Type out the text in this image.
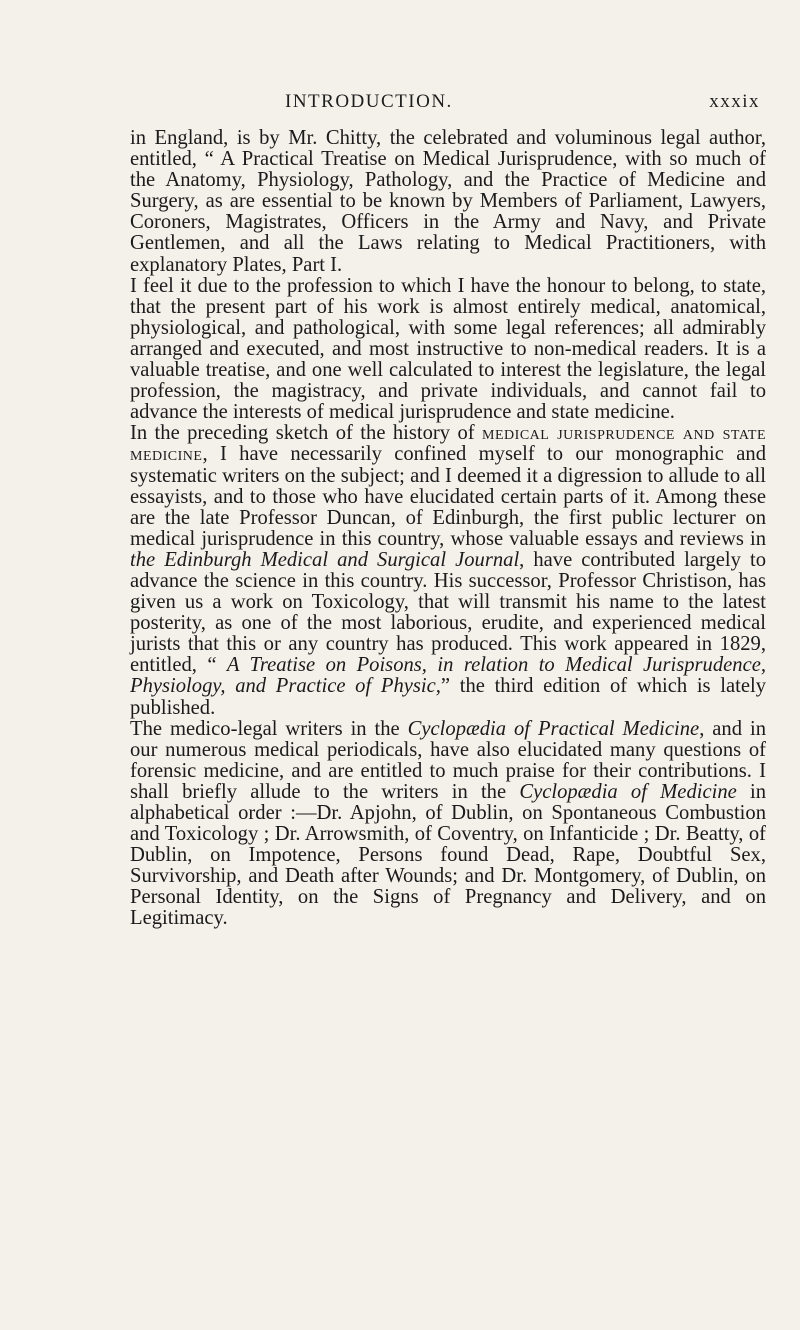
INTRODUCTION.	xxxix

in England, is by Mr. Chitty, the celebrated and voluminous legal author, entitled, “ A Practical Treatise on Medical Jurisprudence, with so much of the Anatomy, Physiology, Pathology, and the Practice of Medicine and Surgery, as are essential to be known by Members of Parliament, Lawyers, Coroners, Magistrates, Officers in the Army and Navy, and Private Gentlemen, and all the Laws relating to Medical Practitioners, with explanatory Plates, Part I.

I feel it due to the profession to which I have the honour to belong, to state, that the present part of his work is almost entirely medical, anatomical, physiological, and pathological, with some legal references; all admirably arranged and executed, and most instructive to non-medical readers. It is a valuable treatise, and one well calculated to interest the legislature, the legal profession, the magistracy, and private individuals, and cannot fail to advance the interests of medical jurisprudence and state medicine.

In the preceding sketch of the history of medical jurisprudence and state medicine, I have necessarily confined myself to our monographic and systematic writers on the subject; and I deemed it a digression to allude to all essayists, and to those who have elucidated certain parts of it. Among these are the late Professor Duncan, of Edinburgh, the first public lecturer on medical jurisprudence in this country, whose valuable essays and reviews in the Edinburgh Medical and Surgical Journal, have contributed largely to advance the science in this country. His successor, Professor Christison, has given us a work on Toxicology, that will transmit his name to the latest posterity, as one of the most laborious, erudite, and experienced medical jurists that this or any country has produced. This work appeared in 1829, entitled, “ A Treatise on Poisons, in relation to Medical Jurisprudence, Physiology, and Practice of Physic,” the third edition of which is lately published.

The medico-legal writers in the Cyclopædia of Practical Medicine, and in our numerous medical periodicals, have also elucidated many questions of forensic medicine, and are entitled to much praise for their contributions. I shall briefly allude to the writers in the Cyclopædia of Medicine in alphabetical order :—Dr. Apjohn, of Dublin, on Spontaneous Combustion and Toxicology ; Dr. Arrowsmith, of Coventry, on Infanticide ; Dr. Beatty, of Dublin, on Impotence, Persons found Dead, Rape, Doubtful Sex, Survivorship, and Death after Wounds; and Dr. Montgomery, of Dublin, on Personal Identity, on the Signs of Pregnancy and Delivery, and on Legitimacy.
